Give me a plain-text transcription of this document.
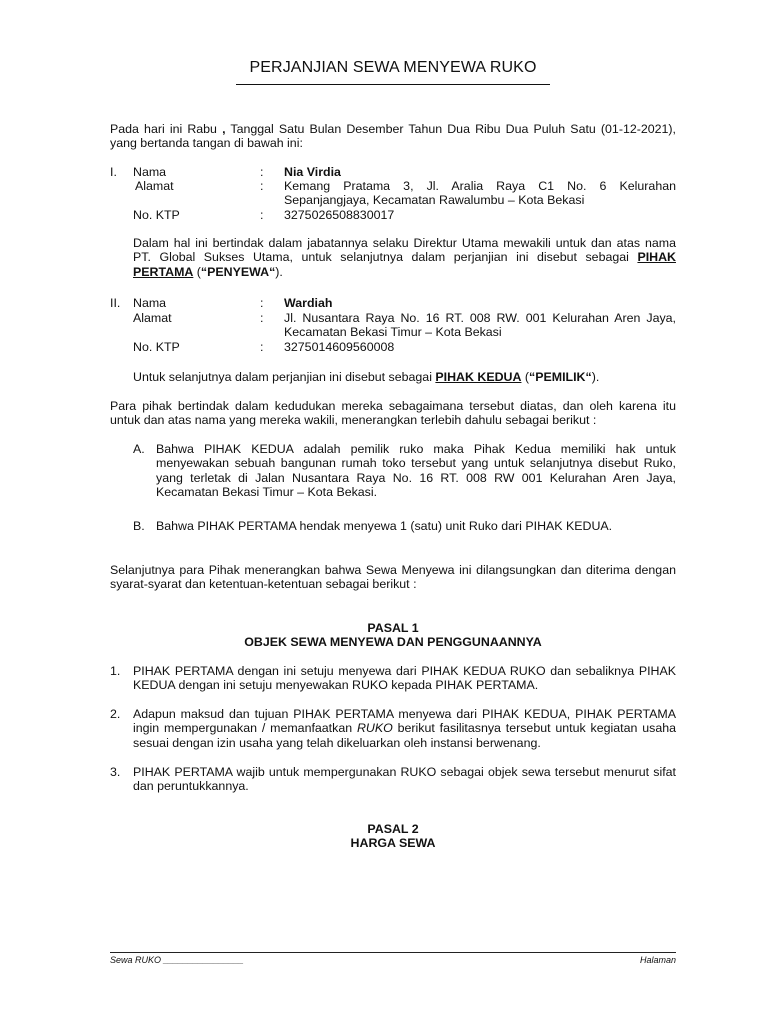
PERJANJIAN SEWA MENYEWA RUKO
Pada hari ini Rabu , Tanggal Satu Bulan Desember Tahun Dua Ribu Dua Puluh Satu (01-12-2021), yang bertanda tangan di bawah ini:
I. Nama
Alamat
No. KTP
:
:
:
Nia Virdia
Kemang Pratama 3, Jl. Aralia Raya C1 No. 6 Kelurahan Sepanjangjaya, Kecamatan Rawalumbu – Kota Bekasi
3275026508830017
Dalam hal ini bertindak dalam jabatannya selaku Direktur Utama mewakili untuk dan atas nama PT. Global Sukses Utama, untuk selanjutnya dalam perjanjian ini disebut sebagai PIHAK PERTAMA (“PENYEWA“).
II. Nama
Alamat
No. KTP
:
:
:
Wardiah
Jl. Nusantara Raya No. 16 RT. 008 RW. 001 Kelurahan Aren Jaya, Kecamatan Bekasi Timur – Kota Bekasi
3275014609560008
Untuk selanjutnya dalam perjanjian ini disebut sebagai PIHAK KEDUA (“PEMILIK“).
Para pihak bertindak dalam kedudukan mereka sebagaimana tersebut diatas, dan oleh karena itu untuk dan atas nama yang mereka wakili, menerangkan terlebih dahulu sebagai berikut :
A. Bahwa PIHAK KEDUA adalah pemilik ruko maka Pihak Kedua memiliki hak untuk menyewakan sebuah bangunan rumah toko tersebut yang untuk selanjutnya disebut Ruko, yang terletak di Jalan Nusantara Raya No. 16 RT. 008 RW 001 Kelurahan Aren Jaya, Kecamatan Bekasi Timur – Kota Bekasi.
B. Bahwa PIHAK PERTAMA hendak menyewa 1 (satu) unit Ruko dari PIHAK KEDUA.
Selanjutnya para Pihak menerangkan bahwa Sewa Menyewa ini dilangsungkan dan diterima dengan syarat-syarat dan ketentuan-ketentuan sebagai berikut :
PASAL 1
OBJEK SEWA MENYEWA DAN PENGGUNAANNYA
1. PIHAK PERTAMA dengan ini setuju menyewa dari PIHAK KEDUA RUKO dan sebaliknya PIHAK KEDUA dengan ini setuju menyewakan RUKO kepada PIHAK PERTAMA.
2. Adapun maksud dan tujuan PIHAK PERTAMA menyewa dari PIHAK KEDUA, PIHAK PERTAMA ingin mempergunakan / memanfaatkan RUKO berikut fasilitasnya tersebut untuk kegiatan usaha sesuai dengan izin usaha yang telah dikeluarkan oleh instansi berwenang.
3. PIHAK PERTAMA wajib untuk mempergunakan RUKO sebagai objek sewa tersebut menurut sifat dan peruntukkannya.
PASAL 2
HARGA SEWA
Sewa RUKO ________________	Halaman
